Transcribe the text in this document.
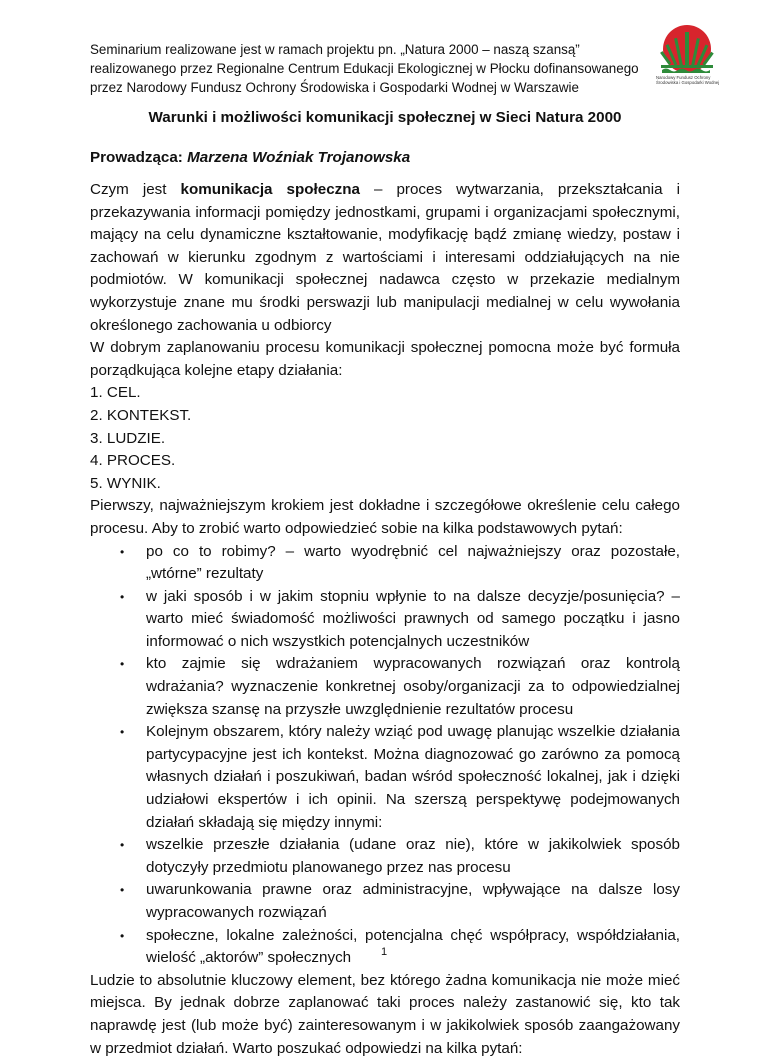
Seminarium realizowane jest w ramach projektu pn. „Natura 2000 – naszą szansą”
realizowanego przez Regionalne Centrum Edukacji Ekologicznej w Płocku dofinansowanego
przez Narodowy Fundusz Ochrony Środowiska i Gospodarki Wodnej w Warszawie
Narodowy Fundusz Ochrony
Środowiska i Gospodarki Wodnej
Warunki i możliwości komunikacji społecznej w Sieci Natura 2000
Prowadząca: Marzena Woźniak Trojanowska

Czym jest komunikacja społeczna – proces wytwarzania, przekształcania i przekazywania informacji pomiędzy jednostkami, grupami i organizacjami społecznymi, mający na celu dynamiczne kształtowanie, modyfikację bądź zmianę wiedzy, postaw i zachowań w kierunku zgodnym z wartościami i interesami oddziałujących na nie podmiotów. W komunikacji społecznej nadawca często w przekazie medialnym wykorzystuje znane mu środki perswazji lub manipulacji medialnej w celu wywołania określonego zachowania u odbiorcy

W dobrym zaplanowaniu procesu komunikacji społecznej pomocna może być formuła porządkująca kolejne etapy działania:

1. CEL.

2. KONTEKST.

3. LUDZIE.

4. PROCES.

5. WYNIK.

Pierwszy, najważniejszym krokiem jest dokładne i szczegółowe określenie celu całego procesu. Aby to zrobić warto odpowiedzieć sobie na kilka podstawowych pytań:

• po co to robimy? – warto wyodrębnić cel najważniejszy oraz pozostałe, „wtórne” rezultaty
• w jaki sposób i w jakim stopniu wpłynie to na dalsze decyzje/posunięcia? – warto mieć świadomość możliwości prawnych od samego początku i jasno informować o nich wszystkich potencjalnych uczestników
• kto zajmie się wdrażaniem wypracowanych rozwiązań oraz kontrolą wdrażania? wyznaczenie konkretnej osoby/organizacji za to odpowiedzialnej zwiększa szansę na przyszłe uwzględnienie rezultatów procesu
• Kolejnym obszarem, który należy wziąć pod uwagę planując wszelkie działania partycypacyjne jest ich kontekst. Można diagnozować go zarówno za pomocą własnych działań i poszukiwań, badan wśród społeczność lokalnej, jak i dzięki udziałowi ekspertów i ich opinii. Na szerszą perspektywę podejmowanych działań składają się między innymi:
• wszelkie przeszłe działania (udane oraz nie), które w jakikolwiek sposób dotyczyły przedmiotu planowanego przez nas procesu
• uwarunkowania prawne oraz administracyjne, wpływające na dalsze losy wypracowanych rozwiązań
• społeczne, lokalne zależności, potencjalna chęć współpracy, współdziałania, wielość „aktorów” społecznych

Ludzie to absolutnie kluczowy element, bez którego żadna komunikacja nie może mieć miejsca. By jednak dobrze zaplanować taki proces należy zastanowić się, kto tak naprawdę jest (lub może być) zainteresowanym i w jakikolwiek sposób zaangażowany w przedmiot działań. Warto poszukać odpowiedzi na kilka pytań:

1
